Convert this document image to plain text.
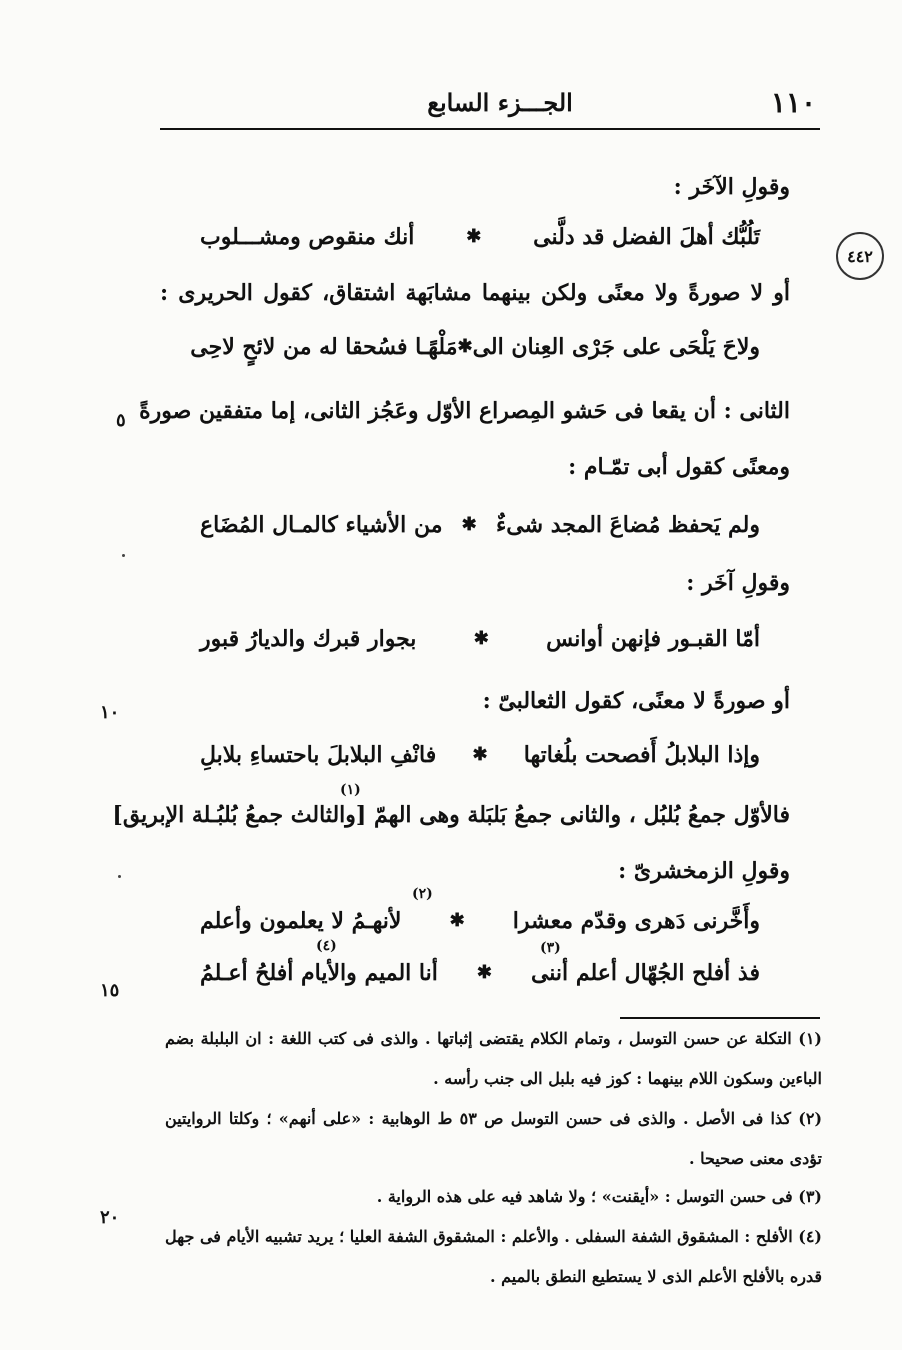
١١٠
الجـــزء السابع
٤٤٢
٥
١٠
١٥
٢٠
وقولِ الآخَر :
تَلُبُّك أهلَ الفضل قد دلَّنى
✱
أنك منقوص ومشـــلوب
أو لا صورةً ولا معنًى ولكن بينهما مشابَهة اشتقاق، كقول الحريرى :
ولاحَ يَلْحَى على جَرْى العِنان الى
✱
مَلْهًـا فسُحقا له من لائحٍ لاحِى
الثانى : أن يقعا فى حَشو المِصراع الأوّل وعَجُز الثانى، إما متفقين صورةً
ومعنًى كقول أبى تمّـام :
ولم يَحفظ مُضاعَ المجد شىءٌ
✱
من الأشياء كالمـال المُضَاع
وقولِ آخَر :
أمّا القبـور فإنهن أوانس
✱
بجوار قبرك والديارُ قبور
أو صورةً لا معنًى، كقول الثعالبىّ :
وإذا البلابلُ أَفصحت بلُغاتها
✱
فانْفِ البلابلَ باحتساءِ بلابلِ
(١)
فالأوّل جمعُ بُلبُل ، والثانى جمعُ بَلبَلة وهى الهمّ [والثالث جمعُ بُلبُـلة الإبريق]
وقولِ الزمخشرىّ :
(٢)
وأَخَّرنى دَهرى وقدّم معشرا
✱
لأنهـمُ لا يعلمون وأعلم
(٣)
(٤)
فذ أفلح الجُهّال أعلم أننى
✱
أنا الميم والأيام أفلحُ أعـلمُ
(١) التكلة عن حسن التوسل ، وتمام الكلام يقتضى إثباتها . والذى فى كتب اللغة : ان البلبلة بضم
الباءين وسكون اللام بينهما : كوز فيه بلبل الى جنب رأسه .
(٢) كذا فى الأصل . والذى فى حسن التوسل ص ٥٣ ط الوهابية : «على أنهم» ؛ وكلتا الروايتين
تؤدى معنى صحيحا .
(٣) فى حسن التوسل : «أيقنت» ؛ ولا شاهد فيه على هذه الرواية .
(٤) الأفلح : المشقوق الشفة السفلى . والأعلم : المشقوق الشفة العليا ؛ يريد تشبيه الأيام فى جهل
قدره بالأفلح الأعلم الذى لا يستطيع النطق بالميم .
